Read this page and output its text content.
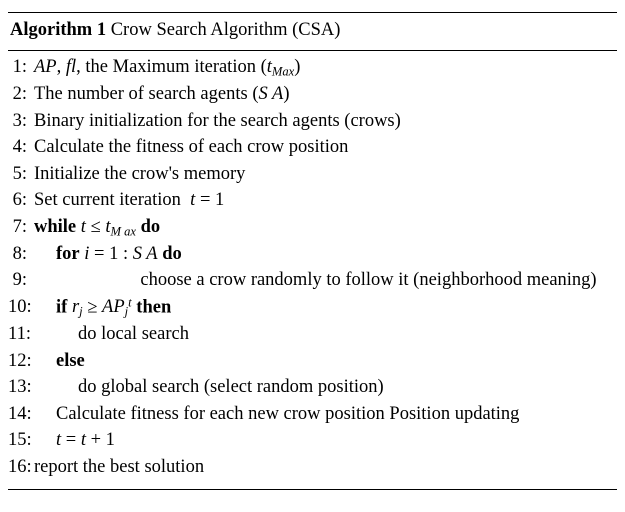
Algorithm 1 Crow Search Algorithm (CSA)
1: AP, fl, the Maximum iteration $(t_{Max})$
2: The number of search agents (S A)
3: Binary initialization for the search agents (crows)
4: Calculate the fitness of each crow position
5: Initialize the crow's memory
6: Set current iteration  t = 1
7: while $t \le t_{M ax}$ do
8:	for i = 1 : S A do
9: choose a crow randomly to follow it (neighborhood meaning)
10:	if $r_j \ge AP_j^t$ then
11:	do local search
12:	else
13:	do global search (select random position)
14:	Calculate fitness for each new crow position Position updating
15:	t = t + 1
16: report the best solution
